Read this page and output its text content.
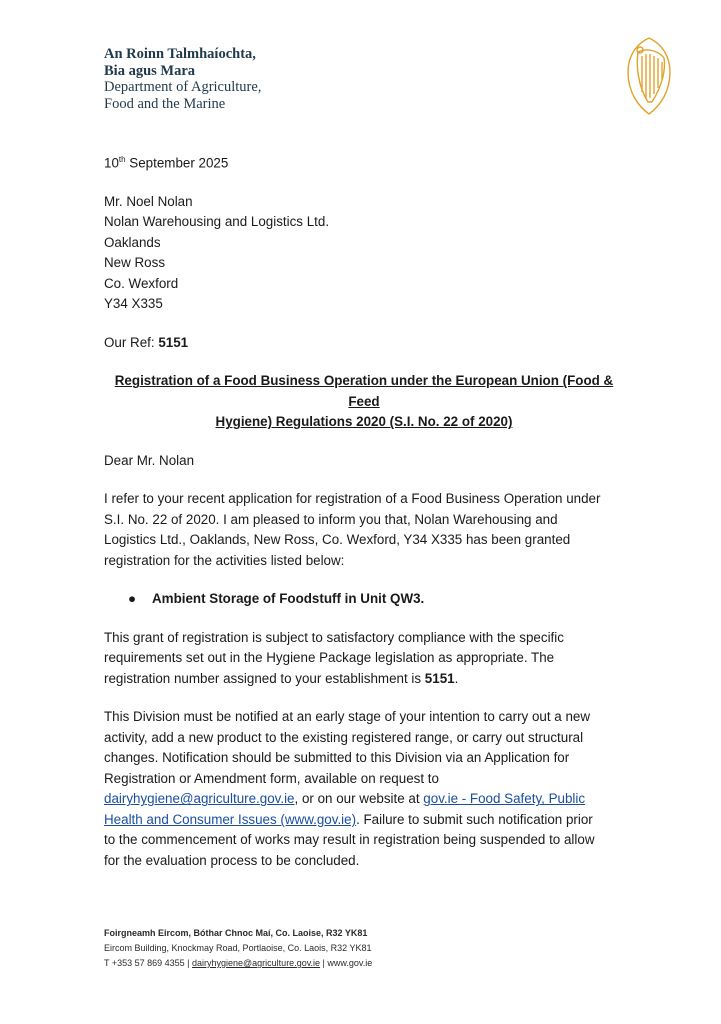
An Roinn Talmhaíochta,
Bia agus Mara
Department of Agriculture,
Food and the Marine

10th September 2025

Mr. Noel Nolan

Nolan Warehousing and Logistics Ltd.

Oaklands

New Ross

Co. Wexford

Y34 X335

Our Ref: 5151

Registration of a Food Business Operation under the European Union (Food & Feed

Hygiene) Regulations 2020 (S.I. No. 22 of 2020)

Dear Mr. Nolan

I refer to your recent application for registration of a Food Business Operation under

S.I. No. 22 of 2020. I am pleased to inform you that, Nolan Warehousing and

Logistics Ltd., Oaklands, New Ross, Co. Wexford, Y34 X335 has been granted

registration for the activities listed below:

●	Ambient Storage of Foodstuff in Unit QW3.

This grant of registration is subject to satisfactory compliance with the specific

requirements set out in the Hygiene Package legislation as appropriate. The

registration number assigned to your establishment is 5151.

This Division must be notified at an early stage of your intention to carry out a new

activity, add a new product to the existing registered range, or carry out structural

changes. Notification should be submitted to this Division via an Application for

Registration or Amendment form, available on request to

dairyhygiene@agriculture.gov.ie, or on our website at gov.ie - Food Safety, Public

Health and Consumer Issues (www.gov.ie). Failure to submit such notification prior

to the commencement of works may result in registration being suspended to allow

for the evaluation process to be concluded.

Foirgneamh Eircom, Bóthar Chnoc Maí, Co. Laoise, R32 YK81
Eircom Building, Knockmay Road, Portlaoise, Co. Laois, R32 YK81
T +353 57 869 4355 | dairyhygiene@agriculture.gov.ie | www.gov.ie
